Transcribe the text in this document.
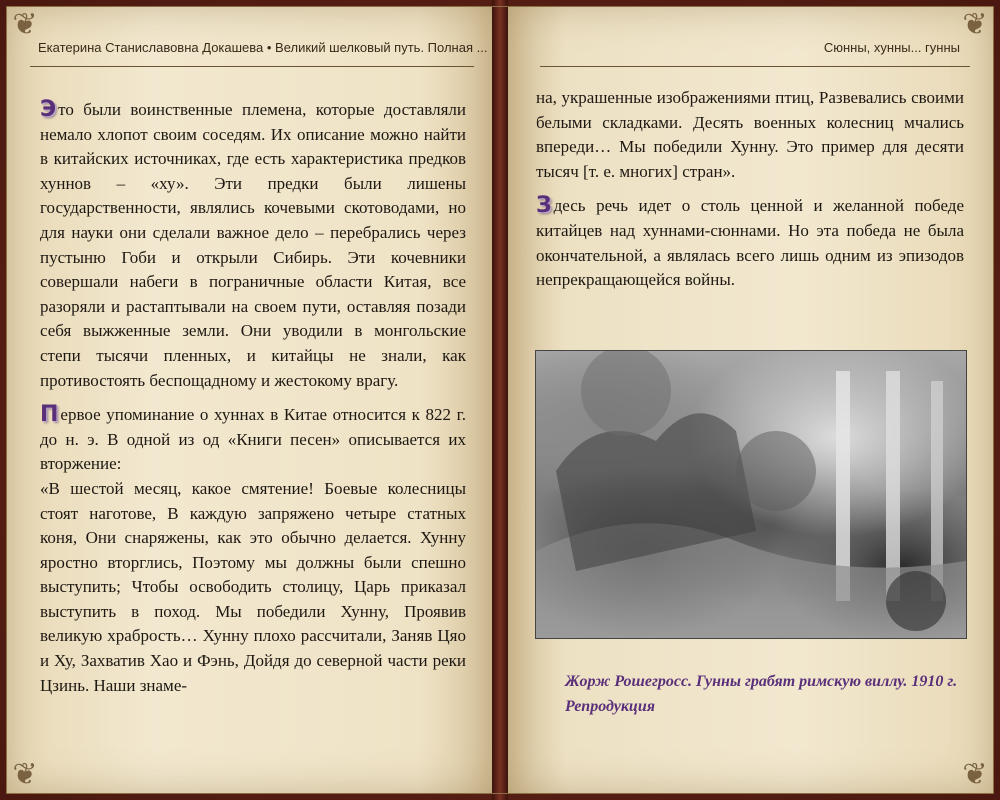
❦	❦
❦	❦
Екатерина Станиславовна Докашева • Великий шелковый путь. Полная ...	Сюнны, хунны... гунны

Э то были воинственные племена, которые доставляли немало хлопот своим соседям. Их описание можно найти в китайских источниках, где есть характеристика предков хуннов – «ху». Эти предки были лишены государственности, являлись кочевыми скотоводами, но для науки они сделали важное дело – перебрались через пустыню Гоби и открыли Сибирь. Эти кочевники совершали набеги в пограничные области Китая, все разоряли и растаптывали на своем пути, оставляя позади себя выжженные земли. Они уводили в монгольские степи тысячи пленных, и китайцы не знали, как противостоять беспощадному и жестокому врагу.

П ервое упоминание о хуннах в Китае относится к 822 г. до н. э. В одной из од «Книги песен» описывается их вторжение:

«В шестой месяц, какое смятение! Боевые колесницы стоят наготове, В каждую запряжено четыре статных коня, Они снаряжены, как это обычно делается. Хунну яростно вторглись, Поэтому мы должны были спешно выступить; Чтобы освободить столицу, Царь приказал выступить в поход. Мы победили Хунну, Проявив великую храбрость… Хунну плохо рассчитали, Заняв Цяо и Ху, Захватив Хао и Фэнь, Дойдя до северной части реки Цзинь. Наши знаме-

на, украшенные изображениями птиц, Развевались своими белыми складками. Десять военных колесниц мчались впереди… Мы победили Хунну. Это пример для десяти тысяч [т. е. многих] стран».

З десь речь идет о столь ценной и желанной победе китайцев над хуннами-сюннами. Но эта победа не была окончательной, а являлась всего лишь одним из эпизодов непрекращающейся войны.

Жорж Рошегросс. Гунны грабят римскую виллу. 1910 г.
Репродукция
